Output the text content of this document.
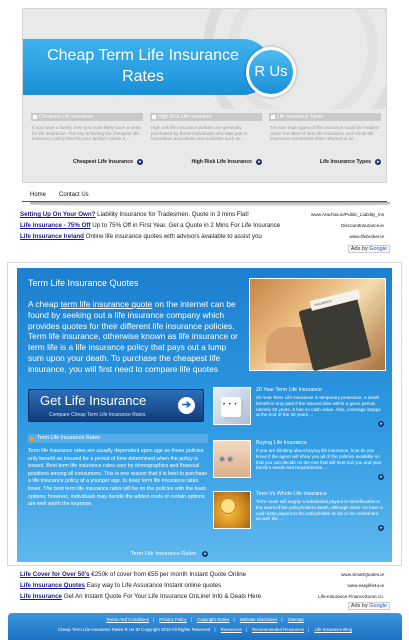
Cheap Term Life Insurance Rates	R Us
Cheapest Life Insurance
If you have a family, then you most likely have a need for life insurance. The key is finding the cheapest life insurance policy that fits your family's needs a ...
Cheapest Life Insurance	➤
High Risk Life Insurance
High risk life insurance policies are generally purchased by those individuals who take part in hazardous avocations and activities such as ...
High Risk Life Insurance	➤
Life Insurance Types
The two main types of life insurance could be headed under the titles of term life insurance and whole life insurance sometimes often referred to as ...
Life Insurance Types	➤
Home Contact Us
Setting Up On Your Own? Liability Insurance for Tradesmen. Quote in 3 mins Flat!	www.Arachas.ie/Public_Liability_Ins
Life Insurance - 75% Off Up to 75% Off in First Year. Get a Quote in 2 Mins For Life Insurance	DiscountInsurance.ie
Life Insurance Ireland Online life insurance quotes with advisors available to assist you	www.lifebroker.ie
Ads by Google
Term Life Insurance Quotes
A cheap term life insurance quote on the internet can be found by seeking out a life insurance company which provides quotes for their different life insurance policies. Term life insurance, otherwise known as life insurance or term life is a life insurance policy that pays out a lump sum upon your death. To purchase the cheapest life insurance, you will first need to compare life quotes
INSURANCE
Get Life Insurance
Compare Cheap Term Life Insurance Rates
➔
Term Life Insurance Rates
Term life insurance rates are usually dependent upon age as these policies only benefit an insured for a period of time determined when the policy is issued. Best term life insurance rates vary by demographics and financial positions among all consumers. This is one reason that it is best to purchase a life insurance policy at a younger age, to keep term life insurance rates lower. The best term life insurance rates will be on the policies with the least options; however, individuals may decide the added costs of certain options are well worth the expense.
Term Life Insurance Rates	➤
• • •
20 Year Term Life Insurance
20-Year Term Life Insurance is temporary protection. A death benefit is only paid if the insured dies within a given period, namely 20 years. It has no cash value. Also, coverage stopps at the end of the 20 years ...
➤
◉ ◉
Buying Life Insurance
If you are thinking about buying life insurance, how do you know if the agent will show you all of the policies available so that you can decide on the one that will best suit you and your family's needs and requirements ...
➤
Term Vs Whole Life Insurance
Term cover will supply a substantial payout to beneficiaries in the event of the policyholders death, although does not have a cash lump payout to the policyholder at his or her retirement as with the ...
➤
Life Cover for Over 50's €250k of cover from €55 per month Instant Quote Online	www.SmartQuotes.ie
Life Insurance Quotes Easy way to Life Assurance Instant online quotes	www.easylife4u.ie
Life Insurance Get An Instant Quote For Your Life Insurance OnLine! Info & Deals Here	Life-Insurance.FinanceZoom.co.
Ads by Google
Terms And Conditions | Privacy Policy | Copyright Notice | Website Disclaimer | Sitemap
Cheap Term Life Insurance Rates R Us ID Copyright 2010 All Rights Reserved | Resources | Recommended Resources | Life Insurance Blog
